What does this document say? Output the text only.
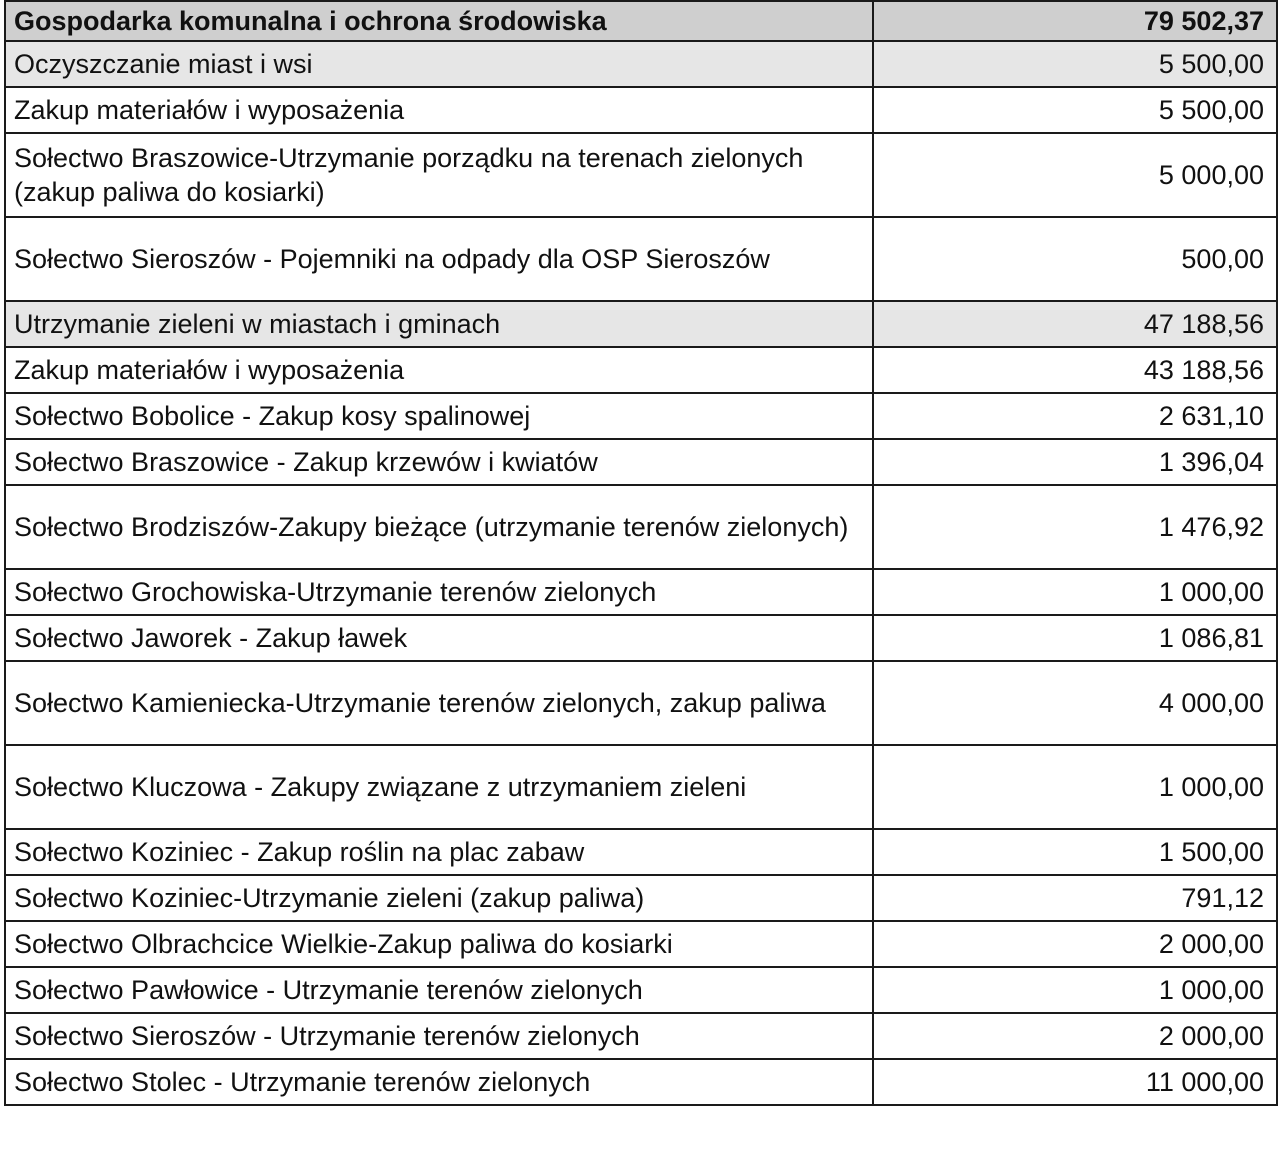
Gospodarka komunalna i ochrona środowiska	79 502,37
Oczyszczanie miast i wsi	5 500,00
Zakup materiałów i wyposażenia	5 500,00
Sołectwo Braszowice-Utrzymanie porządku na terenach zielonych (zakup paliwa do kosiarki)	5 000,00
Sołectwo Sieroszów - Pojemniki na odpady dla OSP Sieroszów	500,00
Utrzymanie zieleni w miastach i gminach	47 188,56
Zakup materiałów i wyposażenia	43 188,56
Sołectwo Bobolice - Zakup kosy spalinowej	2 631,10
Sołectwo Braszowice - Zakup krzewów i kwiatów	1 396,04
Sołectwo Brodziszów-Zakupy bieżące (utrzymanie terenów zielonych)	1 476,92
Sołectwo Grochowiska-Utrzymanie terenów zielonych	1 000,00
Sołectwo Jaworek - Zakup ławek	1 086,81
Sołectwo Kamieniecka-Utrzymanie terenów zielonych, zakup paliwa	4 000,00
Sołectwo Kluczowa - Zakupy związane z utrzymaniem zieleni	1 000,00
Sołectwo Koziniec - Zakup roślin na plac zabaw	1 500,00
Sołectwo Koziniec-Utrzymanie zieleni (zakup paliwa)	791,12
Sołectwo Olbrachcice Wielkie-Zakup paliwa do kosiarki	2 000,00
Sołectwo Pawłowice - Utrzymanie terenów zielonych	1 000,00
Sołectwo Sieroszów - Utrzymanie terenów zielonych	2 000,00
Sołectwo Stolec - Utrzymanie terenów zielonych	11 000,00
